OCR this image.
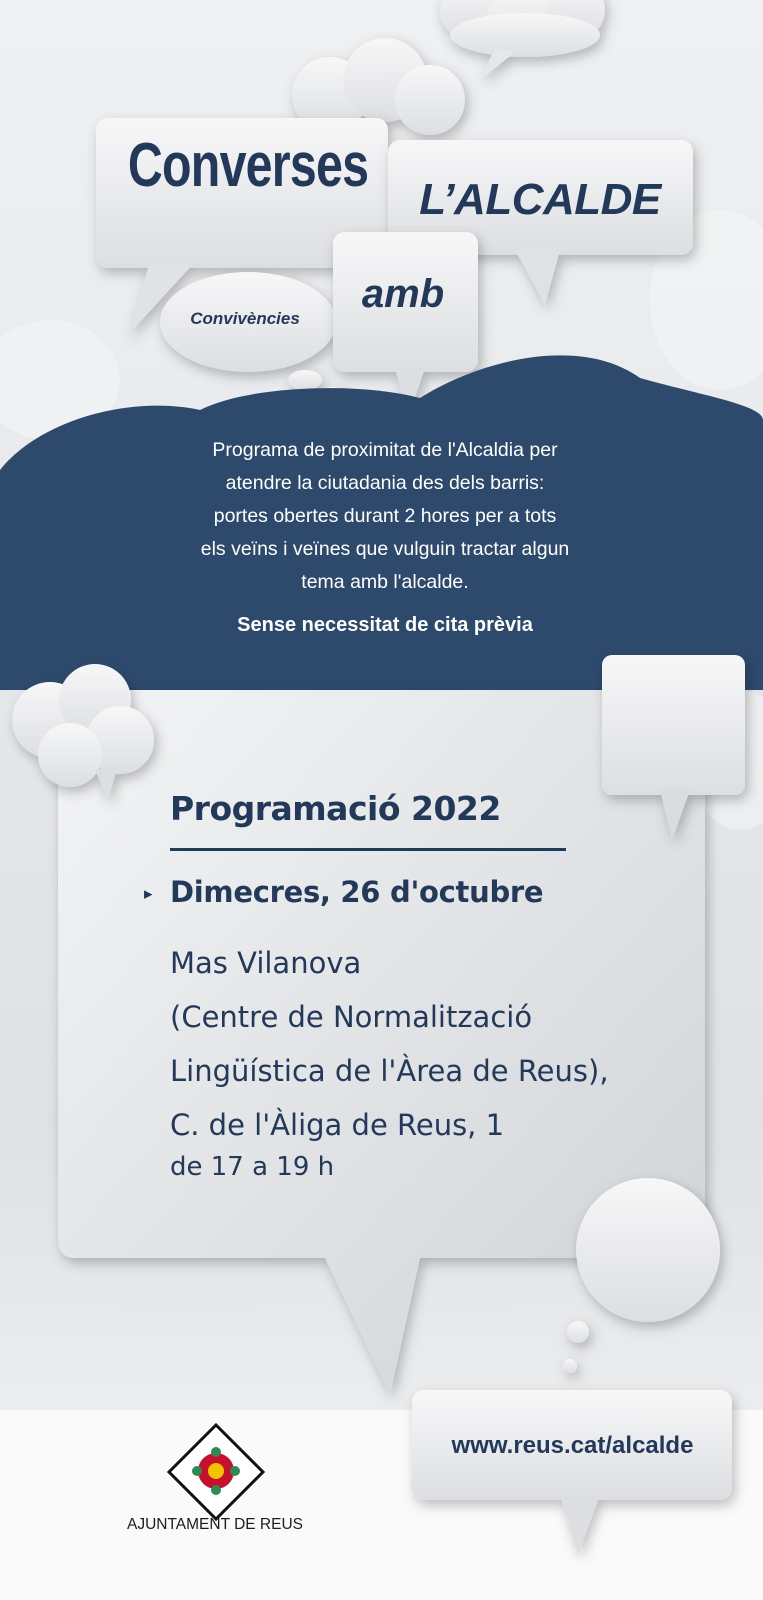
Converses	L’ALCALDE
amb
Convivències
Programa de proximitat de l'Alcaldia per
atendre la ciutadania des dels barris:
portes obertes durant 2 hores per a tots
els veïns i veïnes que vulguin tractar algun
tema amb l'alcalde.
Sense necessitat de cita prèvia
Programació 2022
▸ Dimecres, 26 d'octubre
Mas Vilanova
(Centre de Normalització
Lingüística de l'Àrea de Reus),
C. de l'Àliga de Reus, 1
de 17 a 19 h
www.reus.cat/alcalde
AJUNTAMENT DE REUS
